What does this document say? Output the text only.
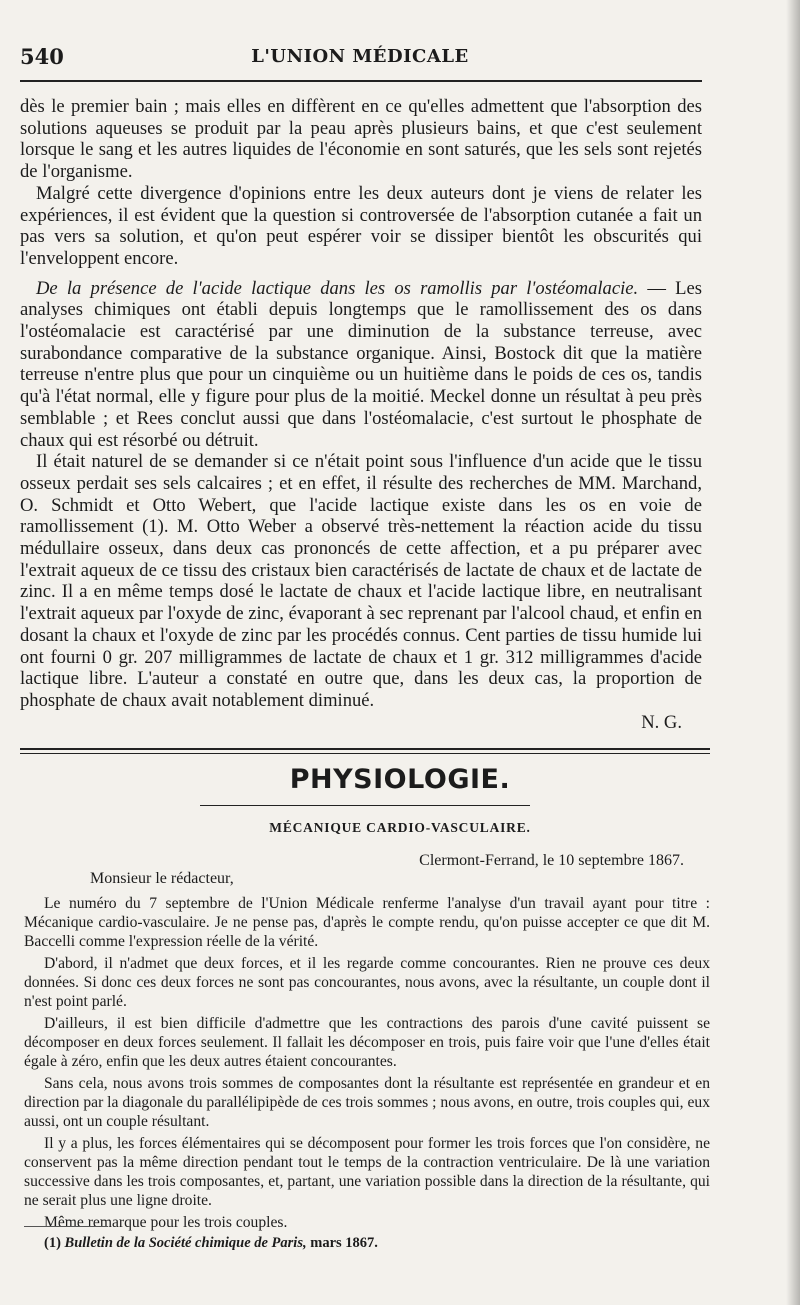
540	L'UNION MÉDICALE

dès le premier bain ; mais elles en diffèrent en ce qu'elles admettent que l'absorption des solutions aqueuses se produit par la peau après plusieurs bains, et que c'est seulement lorsque le sang et les autres liquides de l'économie en sont saturés, que les sels sont rejetés de l'organisme.

Malgré cette divergence d'opinions entre les deux auteurs dont je viens de relater les expériences, il est évident que la question si controversée de l'absorption cutanée a fait un pas vers sa solution, et qu'on peut espérer voir se dissiper bientôt les obscurités qui l'enveloppent encore.

De la présence de l'acide lactique dans les os ramollis par l'ostéomalacie. — Les analyses chimiques ont établi depuis longtemps que le ramollissement des os dans l'ostéomalacie est caractérisé par une diminution de la substance terreuse, avec surabondance comparative de la substance organique. Ainsi, Bostock dit que la matière terreuse n'entre plus que pour un cinquième ou un huitième dans le poids de ces os, tandis qu'à l'état normal, elle y figure pour plus de la moitié. Meckel donne un résultat à peu près semblable ; et Rees conclut aussi que dans l'ostéomalacie, c'est surtout le phosphate de chaux qui est résorbé ou détruit.

Il était naturel de se demander si ce n'était point sous l'influence d'un acide que le tissu osseux perdait ses sels calcaires ; et en effet, il résulte des recherches de MM. Marchand, O. Schmidt et Otto Webert, que l'acide lactique existe dans les os en voie de ramollissement (1). M. Otto Weber a observé très-nettement la réaction acide du tissu médullaire osseux, dans deux cas prononcés de cette affection, et a pu préparer avec l'extrait aqueux de ce tissu des cristaux bien caractérisés de lactate de chaux et de lactate de zinc. Il a en même temps dosé le lactate de chaux et l'acide lactique libre, en neutralisant l'extrait aqueux par l'oxyde de zinc, évaporant à sec reprenant par l'alcool chaud, et enfin en dosant la chaux et l'oxyde de zinc par les procédés connus. Cent parties de tissu humide lui ont fourni 0 gr. 207 milligrammes de lactate de chaux et 1 gr. 312 milligrammes d'acide lactique libre. L'auteur a constaté en outre que, dans les deux cas, la proportion de phosphate de chaux avait notablement diminué.

N. G.

PHYSIOLOGIE.
MÉCANIQUE CARDIO-VASCULAIRE.
Clermont-Ferrand, le 10 septembre 1867.
Monsieur le rédacteur,

Le numéro du 7 septembre de l'Union Médicale renferme l'analyse d'un travail ayant pour titre : Mécanique cardio-vasculaire. Je ne pense pas, d'après le compte rendu, qu'on puisse accepter ce que dit M. Baccelli comme l'expression réelle de la vérité.

D'abord, il n'admet que deux forces, et il les regarde comme concourantes. Rien ne prouve ces deux données. Si donc ces deux forces ne sont pas concourantes, nous avons, avec la résultante, un couple dont il n'est point parlé.

D'ailleurs, il est bien difficile d'admettre que les contractions des parois d'une cavité puissent se décomposer en deux forces seulement. Il fallait les décomposer en trois, puis faire voir que l'une d'elles était égale à zéro, enfin que les deux autres étaient concourantes.

Sans cela, nous avons trois sommes de composantes dont la résultante est représentée en grandeur et en direction par la diagonale du parallélipipède de ces trois sommes ; nous avons, en outre, trois couples qui, eux aussi, ont un couple résultant.

Il y a plus, les forces élémentaires qui se décomposent pour former les trois forces que l'on considère, ne conservent pas la même direction pendant tout le temps de la contraction ventriculaire. De là une variation successive dans les trois composantes, et, partant, une variation possible dans la direction de la résultante, qui ne serait plus une ligne droite.

Même remarque pour les trois couples.

(1) Bulletin de la Société chimique de Paris, mars 1867.
